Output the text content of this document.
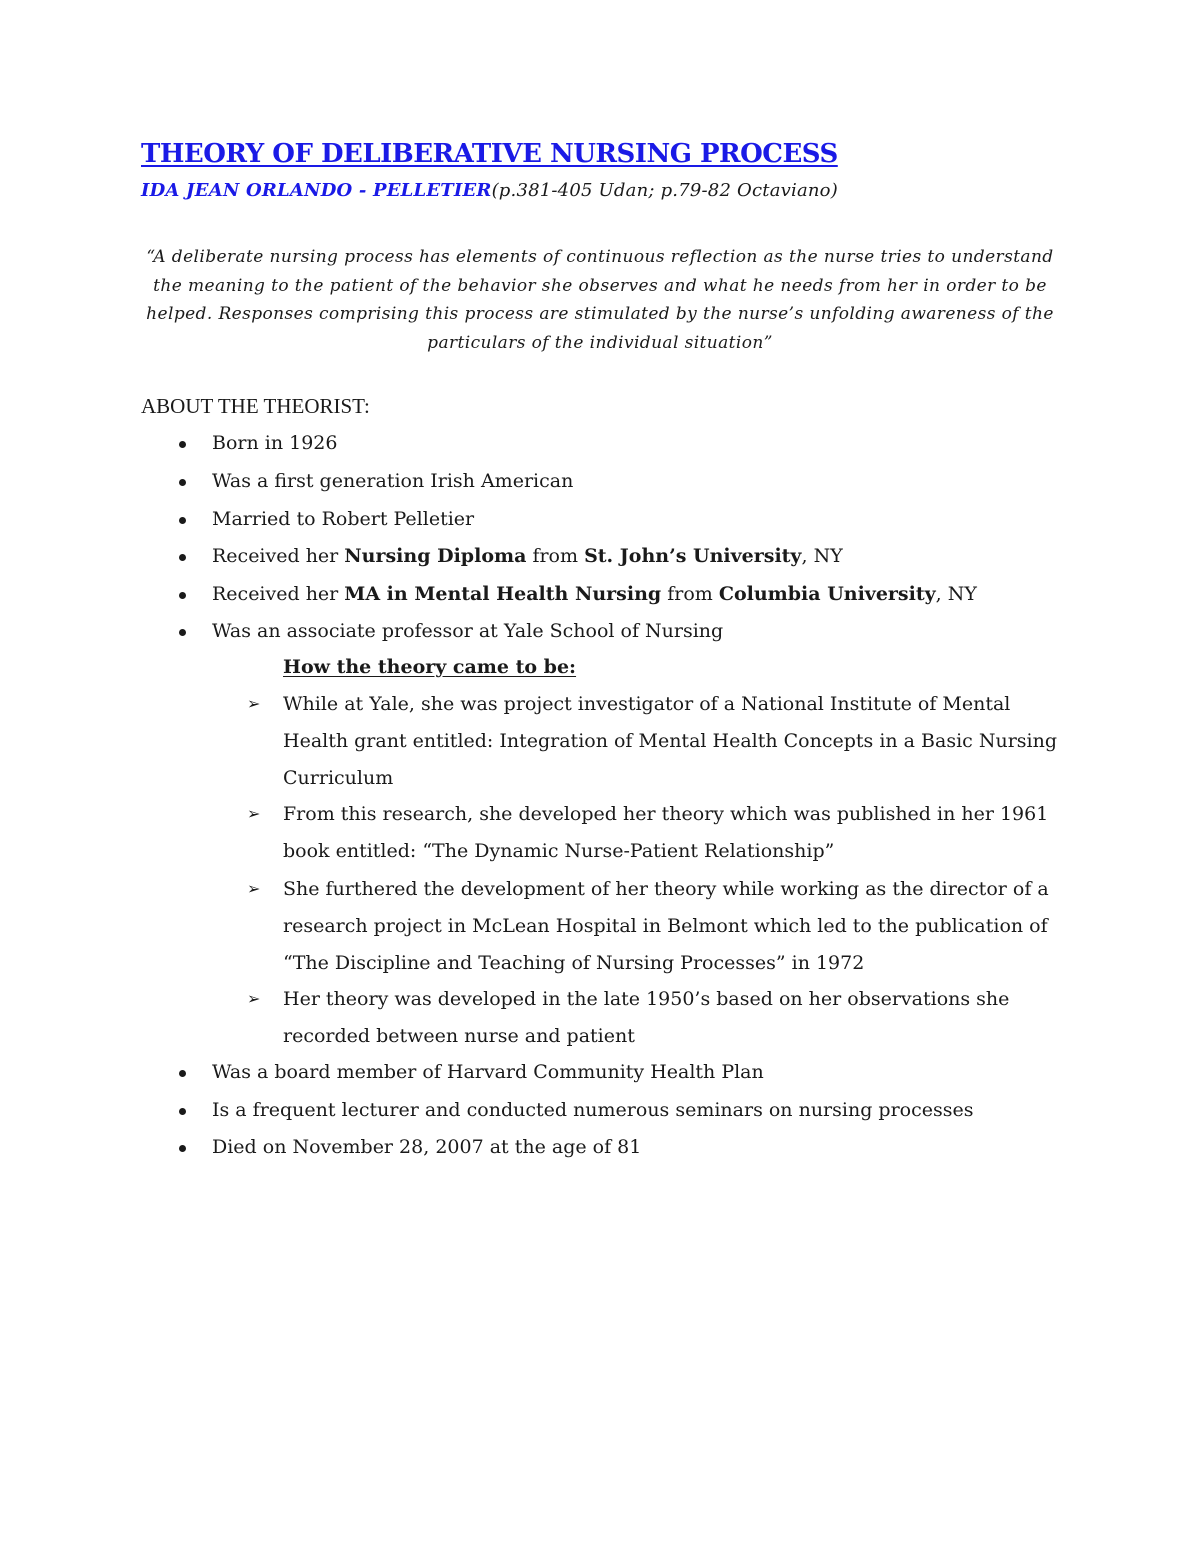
THEORY OF DELIBERATIVE NURSING PROCESS

IDA JEAN ORLANDO - PELLETIER(p.381-405 Udan; p.79-82 Octaviano)

“A deliberate nursing process has elements of continuous reflection as the nurse tries to understand the meaning to the patient of the behavior she observes and what he needs from her in order to be helped. Responses comprising this process are stimulated by the nurse’s unfolding awareness of the particulars of the individual situation”

ABOUT THE THEORIST:
Born in 1926
Was a first generation Irish American
Married to Robert Pelletier
Received her Nursing Diploma from St. John’s University, NY
Received her MA in Mental Health Nursing from Columbia University, NY
Was an associate professor at Yale School of Nursing
How the theory came to be:
➢ While at Yale, she was project investigator of a National Institute of Mental Health grant entitled: Integration of Mental Health Concepts in a Basic Nursing Curriculum
➢ From this research, she developed her theory which was published in her 1961 book entitled: “The Dynamic Nurse-Patient Relationship”
➢ She furthered the development of her theory while working as the director of a research project in McLean Hospital in Belmont which led to the publication of “The Discipline and Teaching of Nursing Processes” in 1972
➢ Her theory was developed in the late 1950’s based on her observations she recorded between nurse and patient
Was a board member of Harvard Community Health Plan
Is a frequent lecturer and conducted numerous seminars on nursing processes
Died on November 28, 2007 at the age of 81
